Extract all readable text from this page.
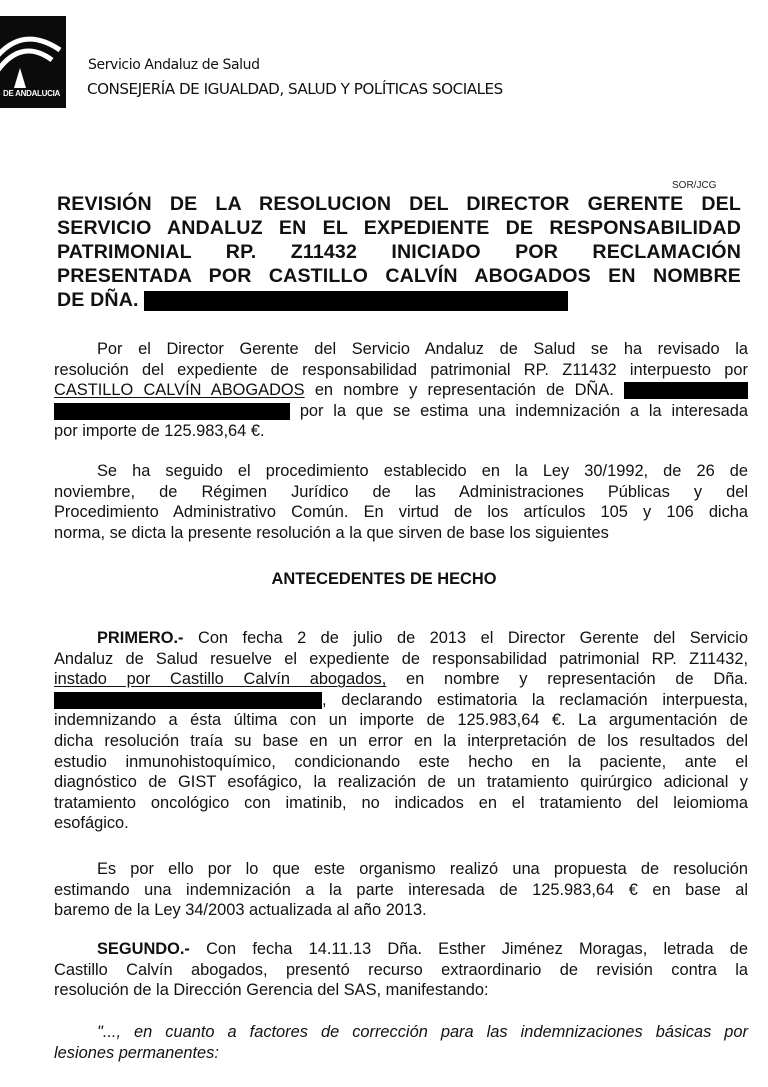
DE ANDALUCIA
Servicio Andaluz de Salud
CONSEJERÍA DE IGUALDAD, SALUD Y POLÍTICAS SOCIALES
SOR/JCG
REVISIÓN DE LA RESOLUCION DEL DIRECTOR GERENTE DEL
SERVICIO ANDALUZ EN EL EXPEDIENTE DE RESPONSABILIDAD
PATRIMONIAL RP. Z11432 INICIADO POR RECLAMACIÓN
PRESENTADA POR CASTILLO CALVÍN ABOGADOS EN NOMBRE
DE DÑA.
Por el Director Gerente del Servicio Andaluz de Salud se ha revisado la
resolución del expediente de responsabilidad patrimonial RP. Z11432 interpuesto por
CASTILLO CALVÍN ABOGADOS en nombre y representación de DÑA.
por la que se estima una indemnización a la interesada
por importe de 125.983,64 €.
Se ha seguido el procedimiento establecido en la Ley 30/1992, de 26 de
noviembre, de Régimen Jurídico de las Administraciones Públicas y del
Procedimiento Administrativo Común. En virtud de los artículos 105 y 106 dicha
norma, se dicta la presente resolución a la que sirven de base los siguientes
ANTECEDENTES DE HECHO
PRIMERO.- Con fecha 2 de julio de 2013 el Director Gerente del Servicio
Andaluz de Salud resuelve el expediente de responsabilidad patrimonial RP. Z11432,
instado por Castillo Calvín abogados, en nombre y representación de Dña.
, declarando estimatoria la reclamación interpuesta,
indemnizando a ésta última con un importe de 125.983,64 €. La argumentación de
dicha resolución traía su base en un error en la interpretación de los resultados del
estudio inmunohistoquímico, condicionando este hecho en la paciente, ante el
diagnóstico de GIST esofágico, la realización de un tratamiento quirúrgico adicional y
tratamiento oncológico con imatinib, no indicados en el tratamiento del leiomioma
esofágico.
Es por ello por lo que este organismo realizó una propuesta de resolución
estimando una indemnización a la parte interesada de 125.983,64 € en base al
baremo de la Ley 34/2003 actualizada al año 2013.
SEGUNDO.- Con fecha 14.11.13 Dña. Esther Jiménez Moragas, letrada de
Castillo Calvín abogados, presentó recurso extraordinario de revisión contra la
resolución de la Dirección Gerencia del SAS, manifestando:
"..., en cuanto a factores de corrección para las indemnizaciones básicas por
lesiones permanentes:
